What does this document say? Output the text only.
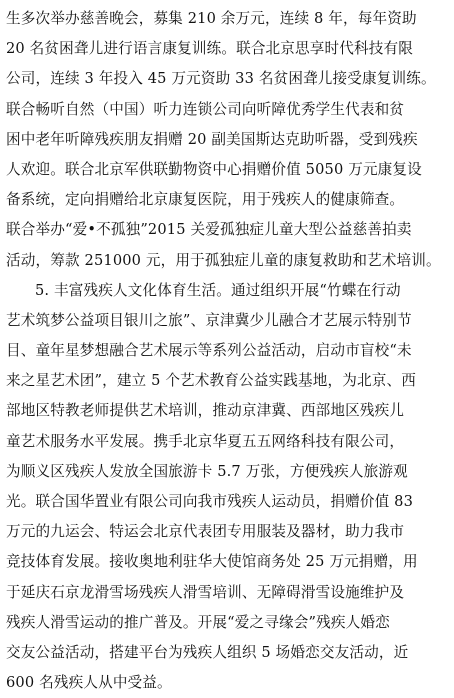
生多次举办慈善晚会，募集 210 余万元，连续 8 年，每年资助
20 名贫困聋儿进行语言康复训练。联合北京思享时代科技有限
公司，连续 3 年投入 45 万元资助 33 名贫困聋儿接受康复训练。
联合畅听自然（中国）听力连锁公司向听障优秀学生代表和贫
困中老年听障残疾朋友捐赠 20 副美国斯达克助听器，受到残疾
人欢迎。联合北京军供联勤物资中心捐赠价值 5050 万元康复设
备系统，定向捐赠给北京康复医院，用于残疾人的健康筛查。
联合举办“爱•不孤独”2015 关爱孤独症儿童大型公益慈善拍卖
活动，筹款 251000 元，用于孤独症儿童的康复救助和艺术培训。
5. 丰富残疾人文化体育生活。通过组织开展“竹蝶在行动
艺术筑梦公益项目银川之旅”、京津冀少儿融合才艺展示特别节
目、童年星梦想融合艺术展示等系列公益活动，启动市盲校“未
来之星艺术团”，建立 5 个艺术教育公益实践基地，为北京、西
部地区特教老师提供艺术培训，推动京津冀、西部地区残疾儿
童艺术服务水平发展。携手北京华夏五五网络科技有限公司，
为顺义区残疾人发放全国旅游卡 5.7 万张，方便残疾人旅游观
光。联合国华置业有限公司向我市残疾人运动员，捐赠价值 83
万元的九运会、特运会北京代表团专用服装及器材，助力我市
竞技体育发展。接收奥地利驻华大使馆商务处 25 万元捐赠，用
于延庆石京龙滑雪场残疾人滑雪培训、无障碍滑雪设施维护及
残疾人滑雪运动的推广普及。开展“爱之寻缘会”残疾人婚恋
交友公益活动，搭建平台为残疾人组织 5 场婚恋交友活动，近
600 名残疾人从中受益。
